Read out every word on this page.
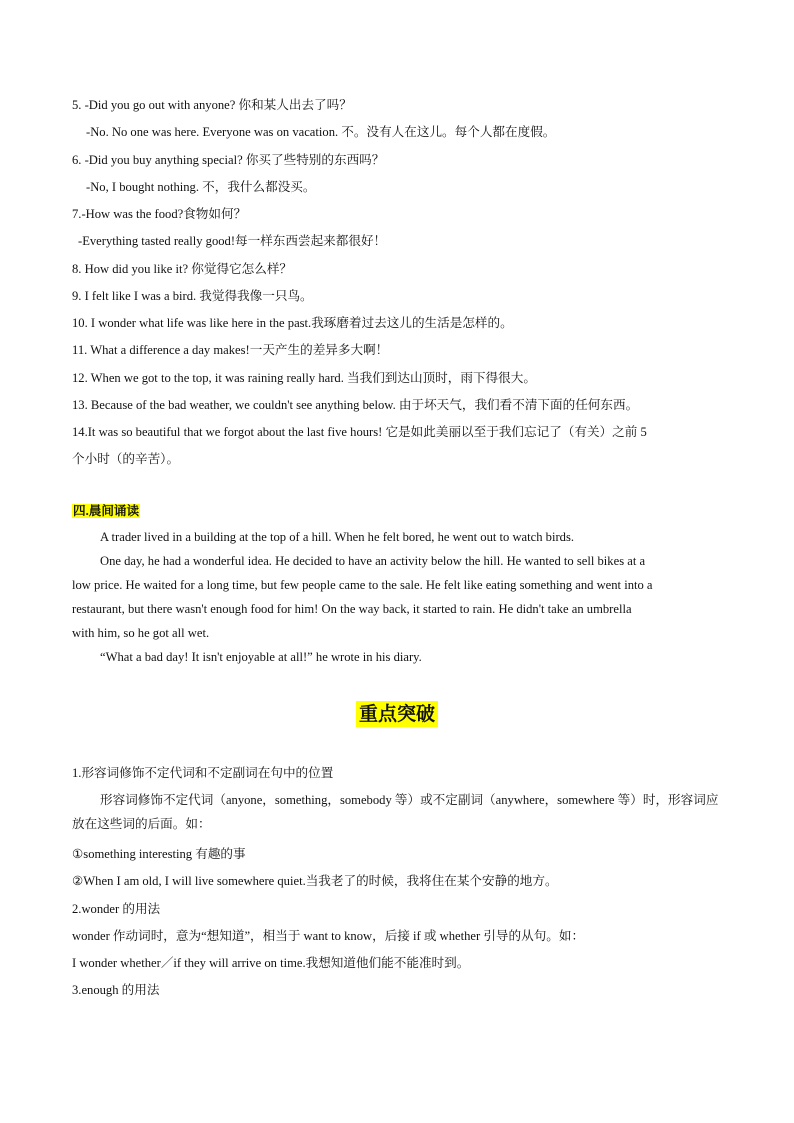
5. -Did you go out with anyone? 你和某人出去了吗？
-No. No one was here. Everyone was on vacation. 不。没有人在这儿。每个人都在度假。
6. -Did you buy anything special? 你买了些特别的东西吗？
-No, I bought nothing. 不，我什么都没买。
7.-How was the food?食物如何？
-Everything tasted really good!每一样东西尝起来都很好！
8. How did you like it? 你觉得它怎么样？
9. I felt like I was a bird. 我觉得我像一只鸟。
10. I wonder what life was like here in the past.我琢磨着过去这儿的生活是怎样的。
11. What a difference a day makes!一天产生的差异多大啊！
12. When we got to the top, it was raining really hard. 当我们到达山顶时，雨下得很大。
13. Because of the bad weather, we couldn't see anything below. 由于坏天气，我们看不清下面的任何东西。
14.It was so beautiful that we forgot about the last five hours! 它是如此美丽以至于我们忘记了（有关）之前 5
个小时（的辛苦）。
四.晨间诵读
A trader lived in a building at the top of a hill. When he felt bored, he went out to watch birds.
One day, he had a wonderful idea. He decided to have an activity below the hill. He wanted to sell bikes at a
low price. He waited for a long time, but few people came to the sale. He felt like eating something and went into a
restaurant, but there wasn't enough food for him! On the way back, it started to rain. He didn't take an umbrella
with him, so he got all wet.
“What a bad day! It isn't enjoyable at all!” he wrote in his diary.
重点突破
1.形容词修饰不定代词和不定副词在句中的位置
形容词修饰不定代词（anyone，something，somebody 等）或不定副词（anywhere，somewhere 等）时，形容词应放在这些词的后面。如：
①something interesting 有趣的事
②When I am old, I will live somewhere quiet.当我老了的时候，我将住在某个安静的地方。
2.wonder 的用法
wonder 作动词时，意为“想知道”，相当于 want to know，后接 if 或 whether 引导的从句。如：
I wonder whether／if they will arrive on time.我想知道他们能不能准时到。
3.enough 的用法
